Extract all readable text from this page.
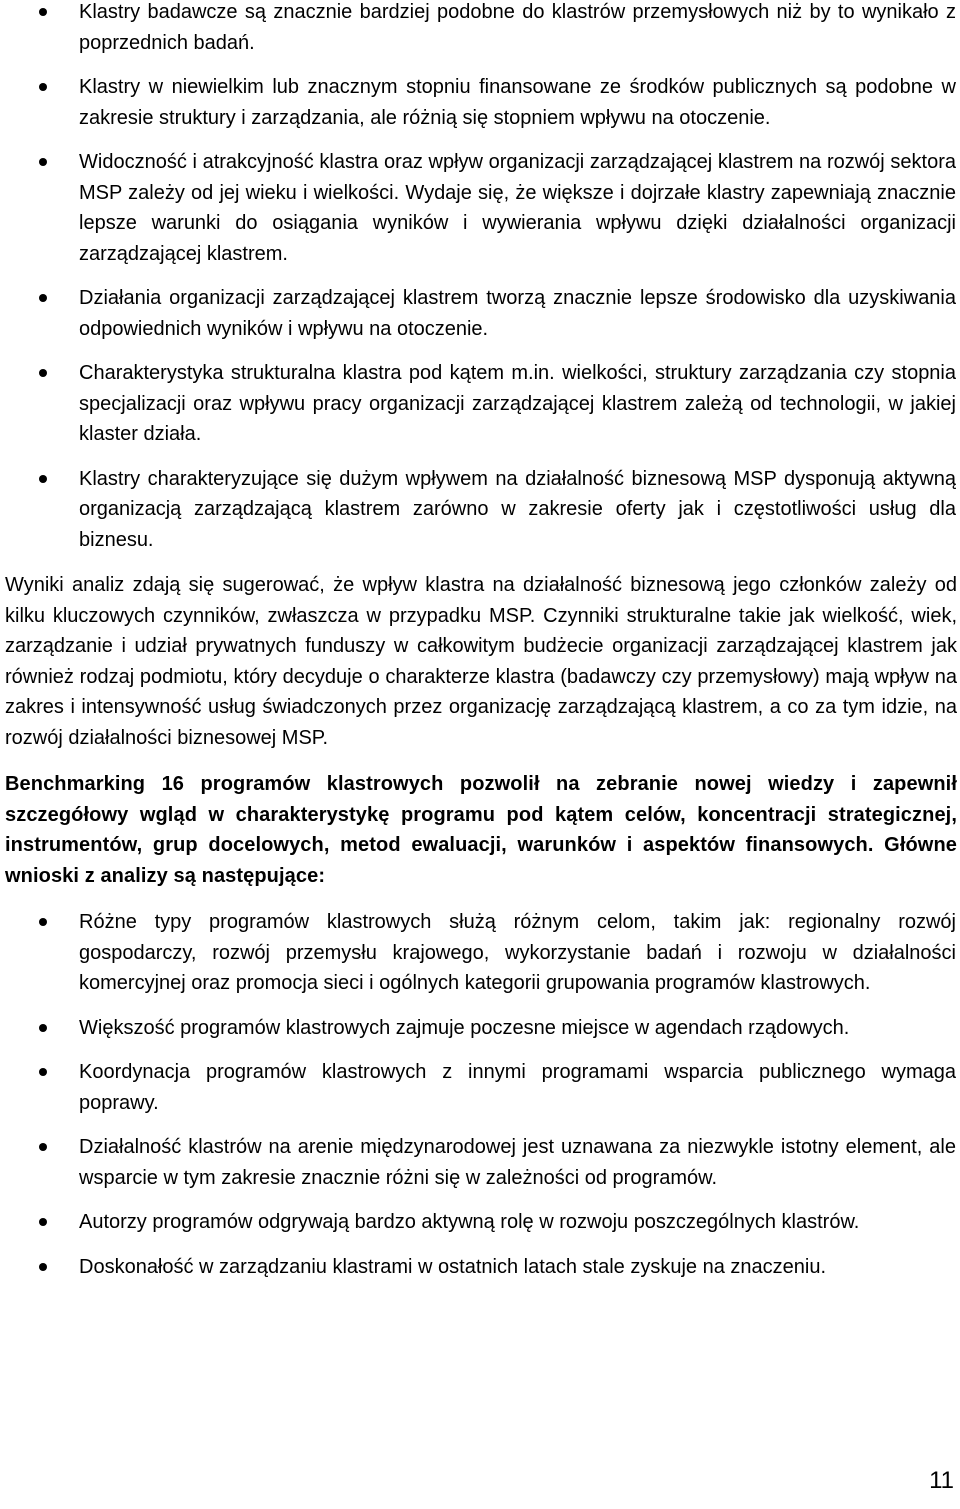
Klastry badawcze są znacznie bardziej podobne do klastrów przemysłowych niż by to wynikało z poprzednich badań.
Klastry w niewielkim lub znacznym stopniu finansowane ze środków publicznych są podobne w zakresie struktury i zarządzania, ale różnią się stopniem wpływu na otoczenie.
Widoczność i atrakcyjność klastra oraz wpływ organizacji zarządzającej klastrem na rozwój sektora MSP zależy od jej wieku i wielkości. Wydaje się, że większe i dojrzałe klastry zapewniają znacznie lepsze warunki do osiągania wyników i wywierania wpływu dzięki działalności organizacji zarządzającej klastrem.
Działania organizacji zarządzającej klastrem tworzą znacznie lepsze środowisko dla uzyskiwania odpowiednich wyników i wpływu na otoczenie.
Charakterystyka strukturalna klastra pod kątem m.in. wielkości, struktury zarządzania czy stopnia specjalizacji oraz wpływu pracy organizacji zarządzającej klastrem zależą od technologii, w jakiej klaster działa.
Klastry charakteryzujące się dużym wpływem na działalność biznesową MSP dysponują aktywną organizacją zarządzającą klastrem zarówno w zakresie oferty jak i częstotliwości usług dla biznesu.

Wyniki analiz zdają się sugerować, że wpływ klastra na działalność biznesową jego członków zależy od kilku kluczowych czynników, zwłaszcza w przypadku MSP. Czynniki strukturalne takie jak wielkość, wiek, zarządzanie i udział prywatnych funduszy w całkowitym budżecie organizacji zarządzającej klastrem jak również rodzaj podmiotu, który decyduje o charakterze klastra (badawczy czy przemysłowy) mają wpływ na zakres i intensywność usług świadczonych przez organizację zarządzającą klastrem, a co za tym idzie, na rozwój działalności biznesowej MSP.

Benchmarking 16 programów klastrowych pozwolił na zebranie nowej wiedzy i zapewnił szczegółowy wgląd w charakterystykę programu pod kątem celów, koncentracji strategicznej, instrumentów, grup docelowych, metod ewaluacji, warunków i aspektów finansowych. Główne wnioski z analizy są następujące:

Różne typy programów klastrowych służą różnym celom, takim jak: regionalny rozwój gospodarczy, rozwój przemysłu krajowego, wykorzystanie badań i rozwoju w działalności komercyjnej oraz promocja sieci i ogólnych kategorii grupowania programów klastrowych.
Większość programów klastrowych zajmuje poczesne miejsce w agendach rządowych.
Koordynacja programów klastrowych z innymi programami wsparcia publicznego wymaga poprawy.
Działalność klastrów na arenie międzynarodowej jest uznawana za niezwykle istotny element, ale wsparcie w tym zakresie znacznie różni się w zależności od programów.
Autorzy programów odgrywają bardzo aktywną rolę w rozwoju poszczególnych klastrów.
Doskonałość w zarządzaniu klastrami w ostatnich latach stale zyskuje na znaczeniu.
11
